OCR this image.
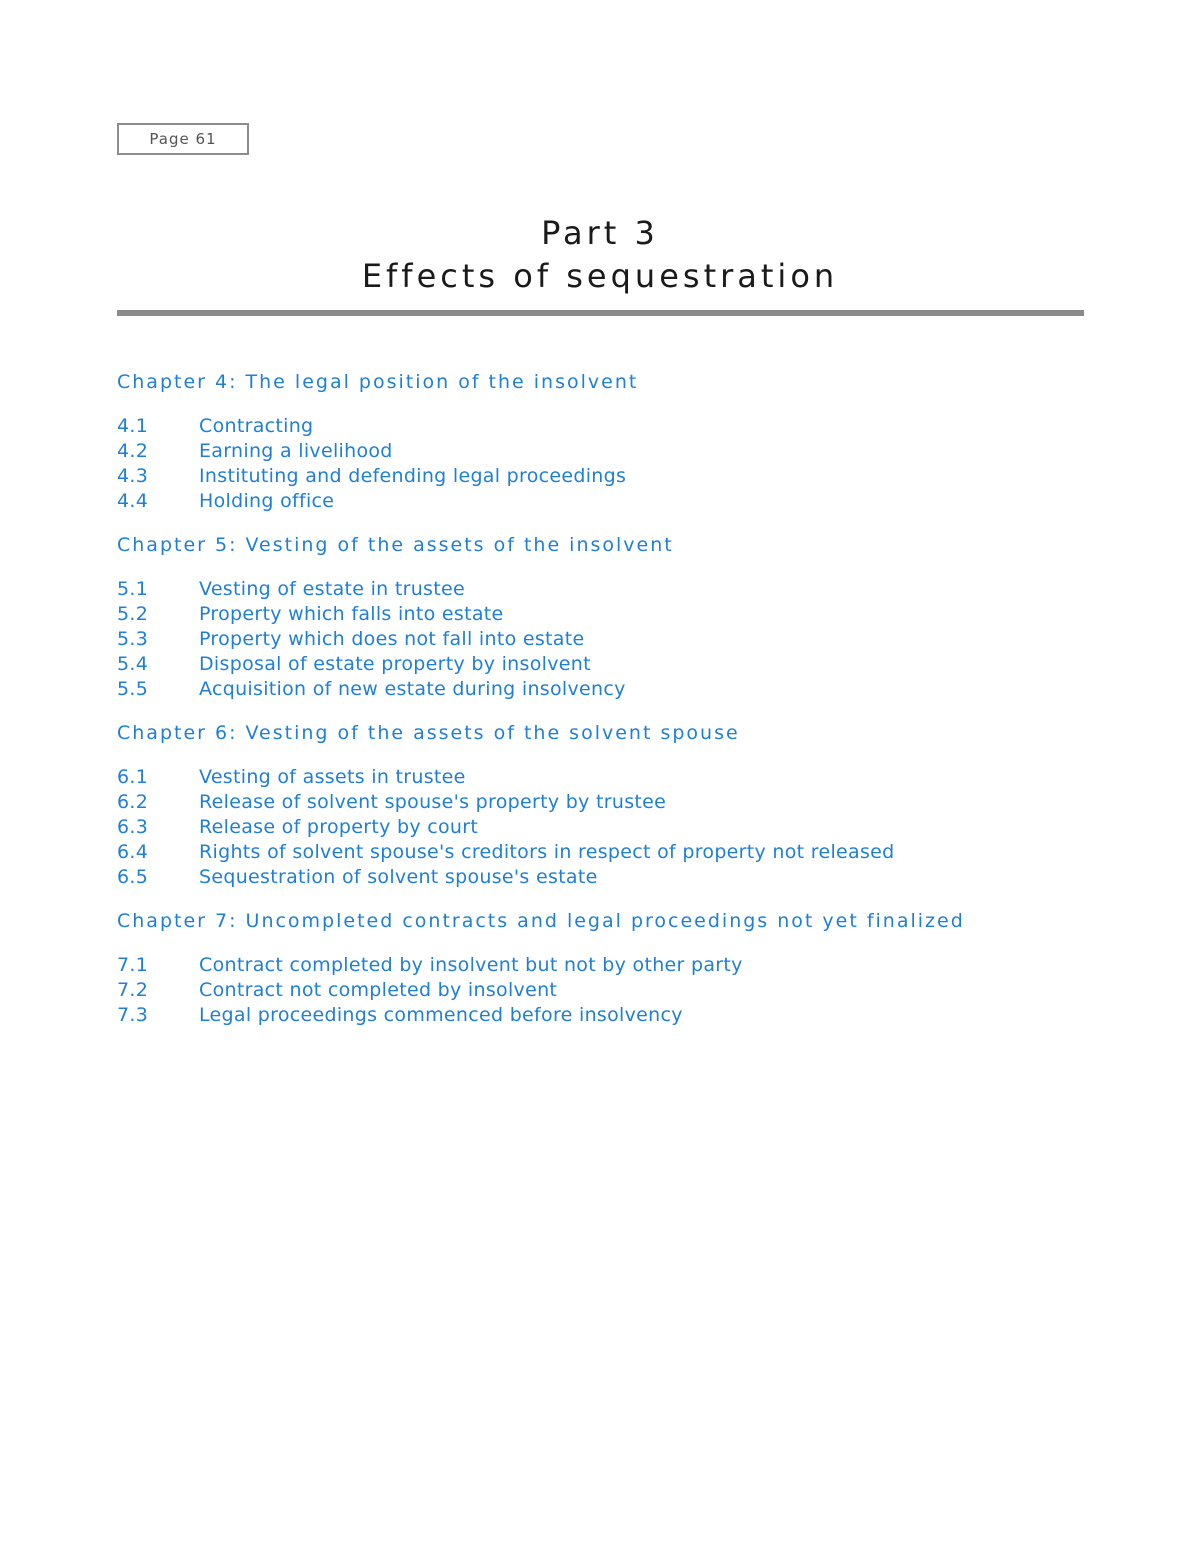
Page 61
Part 3
Effects of sequestration
Chapter 4: The legal position of the insolvent
4.1	Contracting
4.2	Earning a livelihood
4.3	Instituting and defending legal proceedings
4.4	Holding office
Chapter 5: Vesting of the assets of the insolvent
5.1	Vesting of estate in trustee
5.2	Property which falls into estate
5.3	Property which does not fall into estate
5.4	Disposal of estate property by insolvent
5.5	Acquisition of new estate during insolvency
Chapter 6: Vesting of the assets of the solvent spouse
6.1	Vesting of assets in trustee
6.2	Release of solvent spouse's property by trustee
6.3	Release of property by court
6.4	Rights of solvent spouse's creditors in respect of property not released
6.5	Sequestration of solvent spouse's estate
Chapter 7: Uncompleted contracts and legal proceedings not yet finalized
7.1	Contract completed by insolvent but not by other party
7.2	Contract not completed by insolvent
7.3	Legal proceedings commenced before insolvency
